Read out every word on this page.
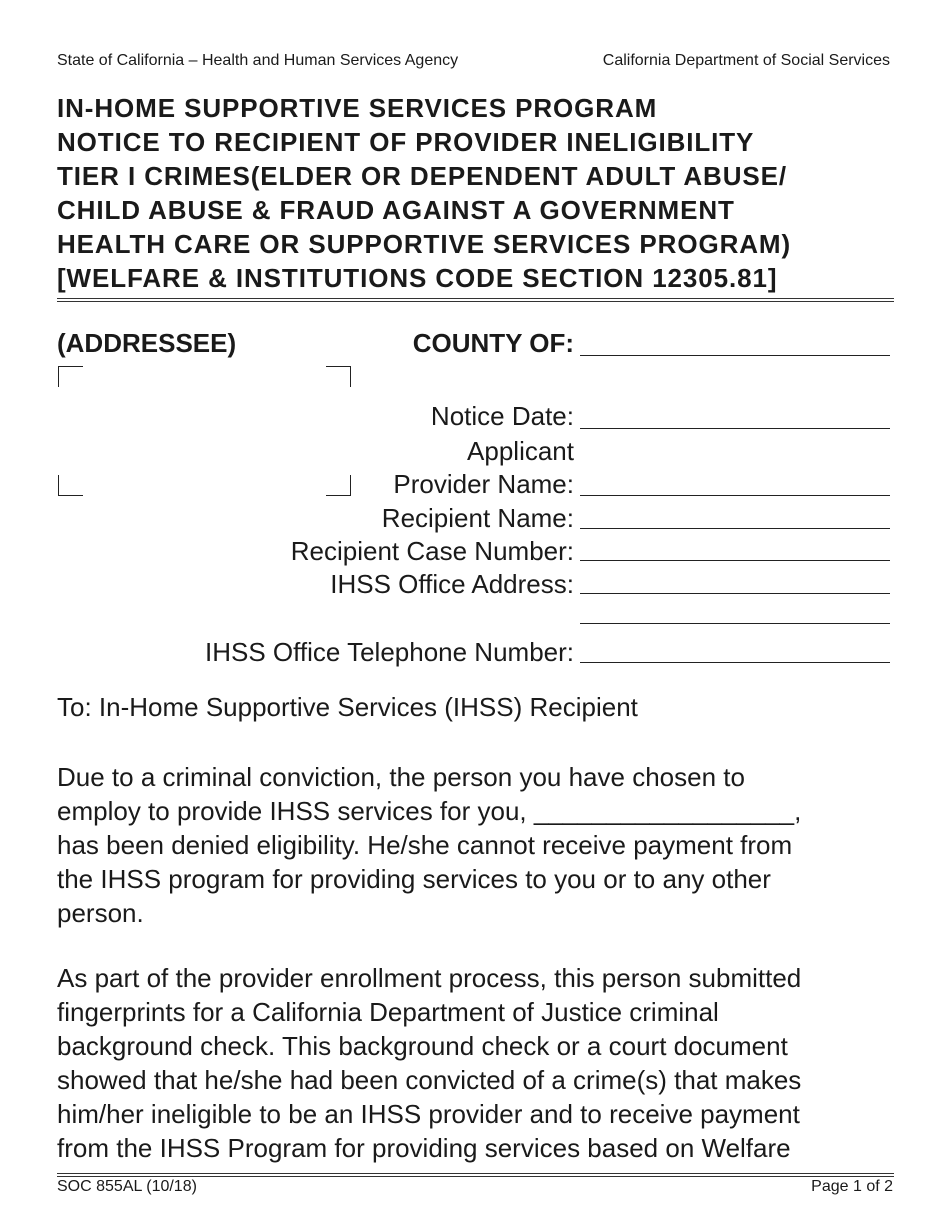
State of California – Health and Human Services Agency	California Department of Social Services
IN-HOME SUPPORTIVE SERVICES PROGRAM
NOTICE TO RECIPIENT OF PROVIDER INELIGIBILITY
TIER I CRIMES(ELDER OR DEPENDENT ADULT ABUSE/
CHILD ABUSE & FRAUD AGAINST A GOVERNMENT
HEALTH CARE OR SUPPORTIVE SERVICES PROGRAM)
[WELFARE & INSTITUTIONS CODE SECTION 12305.81]
(ADDRESSEE)	COUNTY OF:
Notice Date:
Applicant
Provider Name:
Recipient Name:
Recipient Case Number:
IHSS Office Address:
IHSS Office Telephone Number:
To: In-Home Supportive Services (IHSS) Recipient
Due to a criminal conviction, the person you have chosen to
employ to provide IHSS services for you, __________________,
has been denied eligibility. He/she cannot receive payment from
the IHSS program for providing services to you or to any other
person.
As part of the provider enrollment process, this person submitted
fingerprints for a California Department of Justice criminal
background check. This background check or a court document
showed that he/she had been convicted of a crime(s) that makes
him/her ineligible to be an IHSS provider and to receive payment
from the IHSS Program for providing services based on Welfare
SOC 855AL (10/18)	Page 1 of 2
